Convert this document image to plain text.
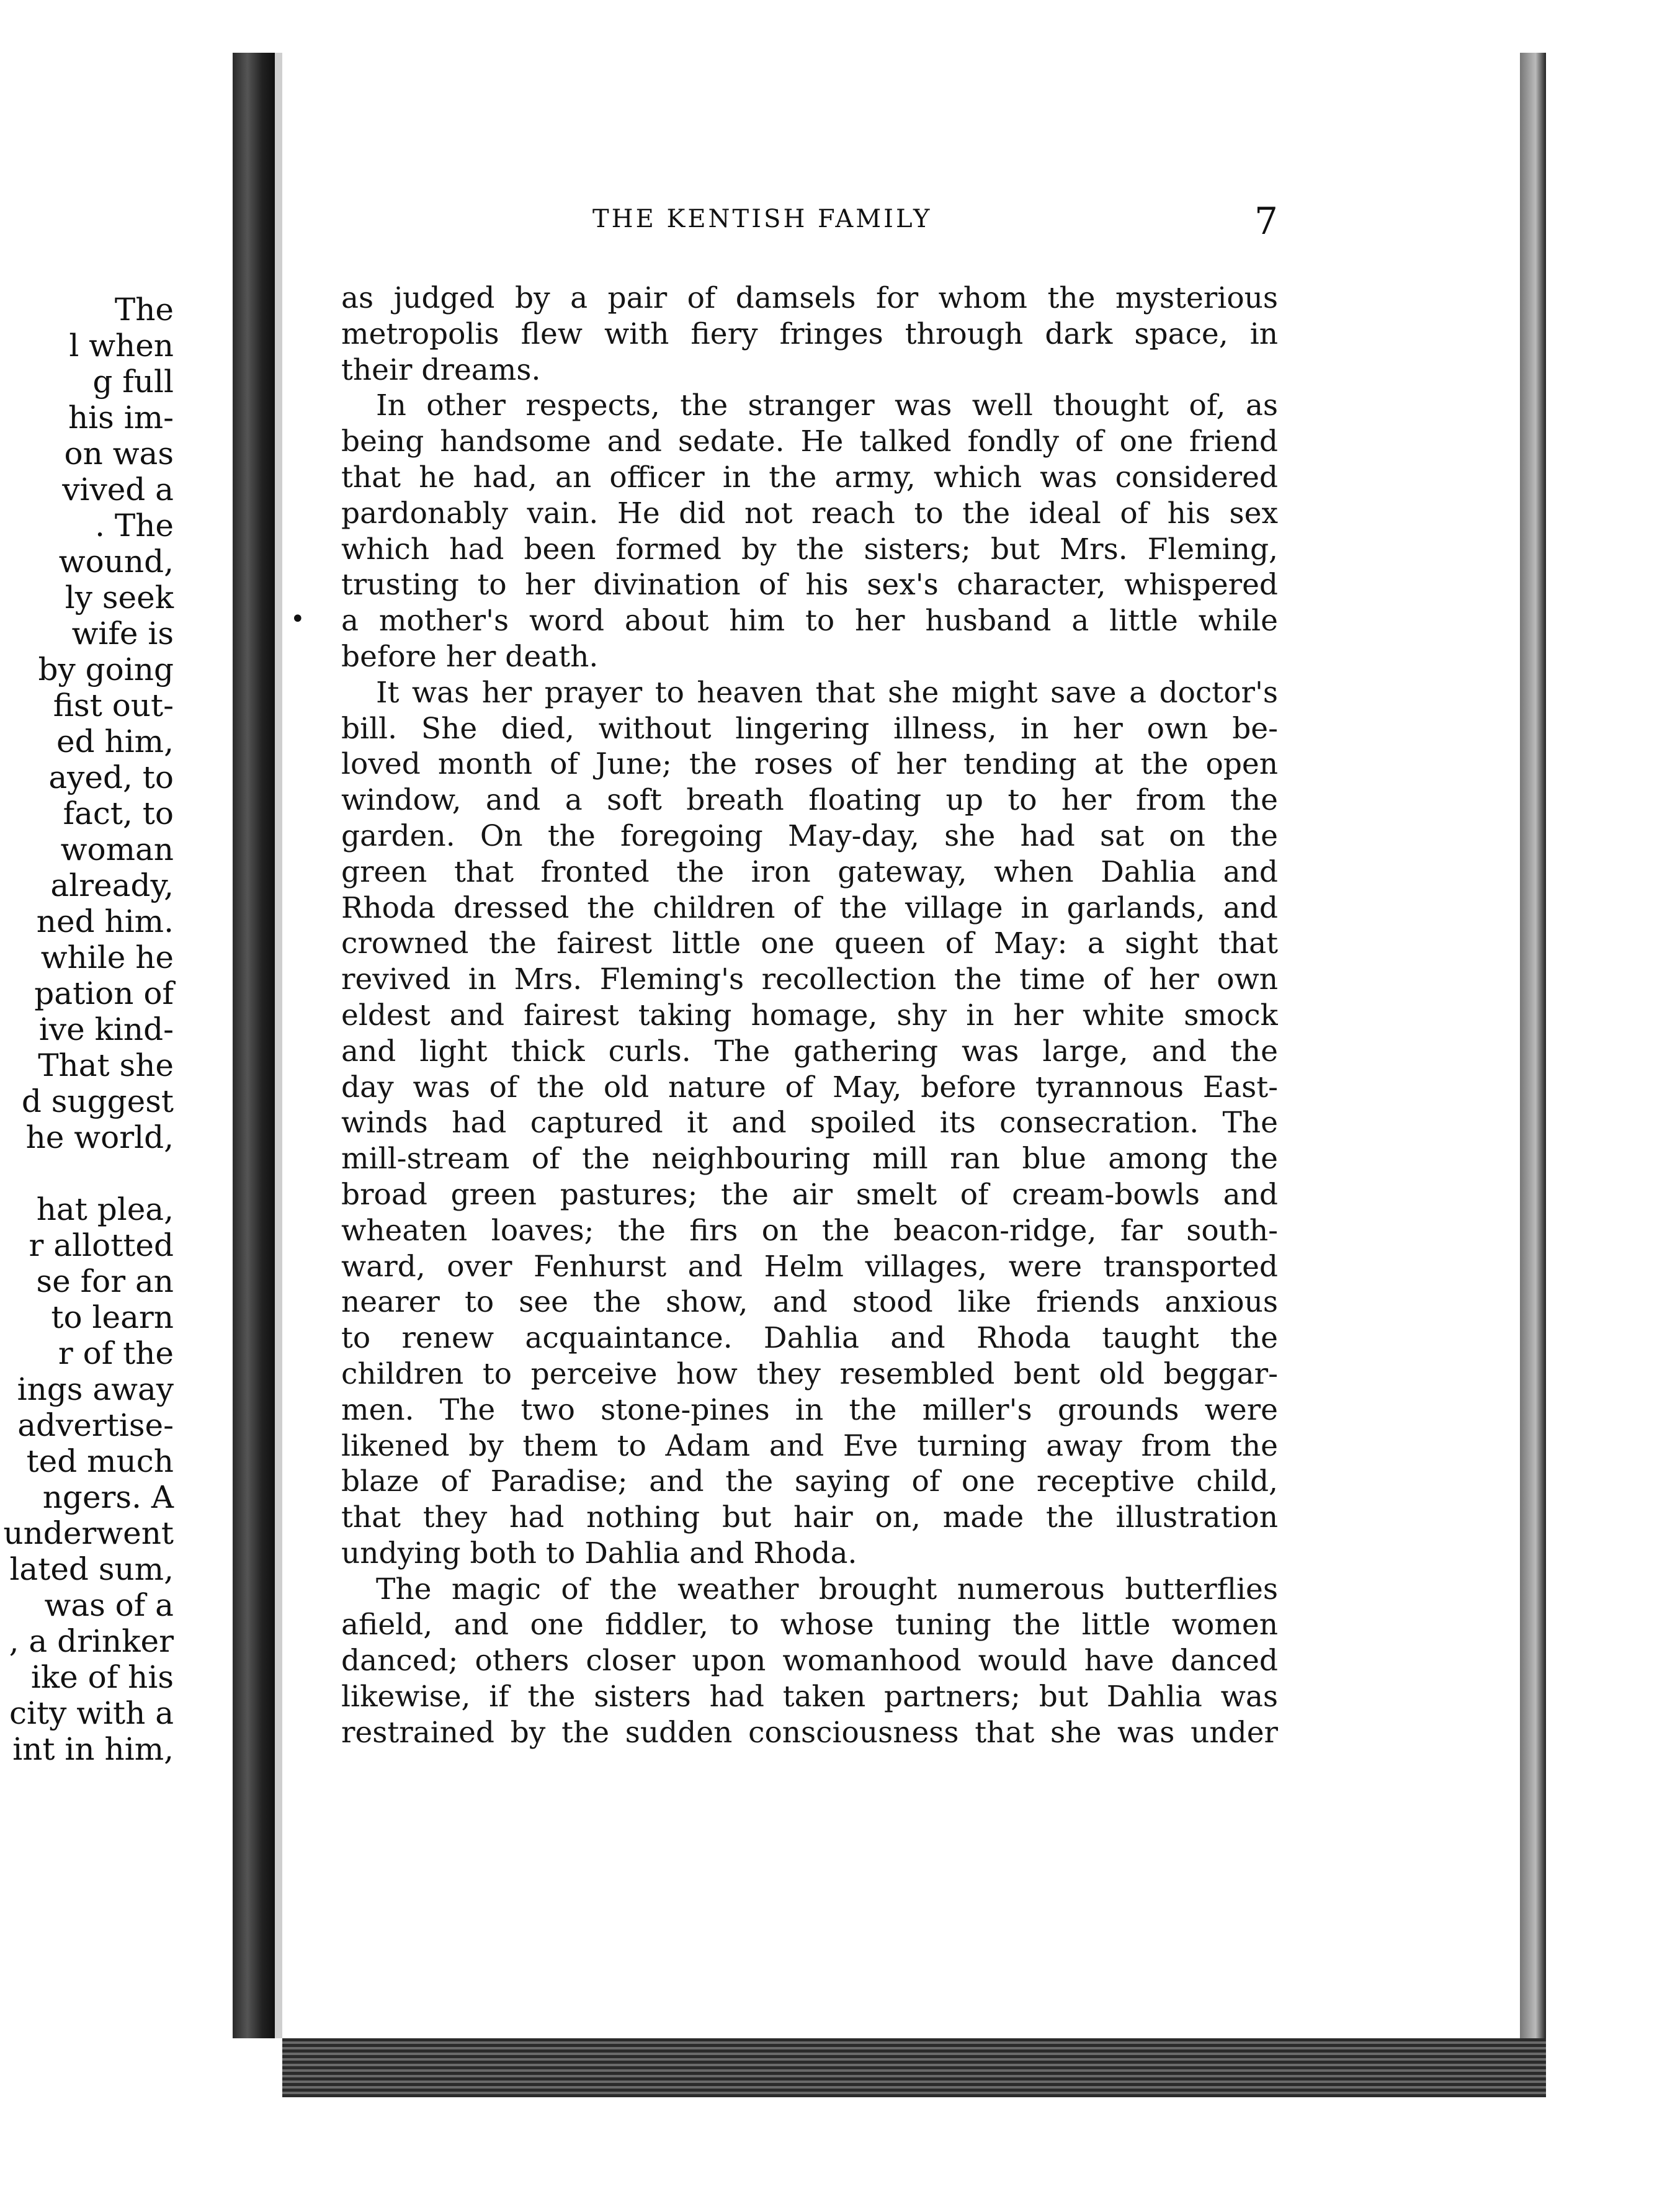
The
l when
g full
his im-
on was
vived a
. The
wound,
ly seek
wife is
by going
fist out-
ed him,
ayed, to
fact, to
woman
already,
ned him.
while he
pation of
ive kind-
That she
d suggest
he world,
hat plea,
r allotted
se for an
to learn
r of the
ings away
advertise-
ted much
ngers. A
underwent
lated sum,
was of a
, a drinker
ike of his
city with a
int in him,
THE KENTISH FAMILY	7
•
as judged by a pair of damsels for whom the mysterious
metropolis flew with fiery fringes through dark space, in
their dreams.
In other respects, the stranger was well thought of, as
being handsome and sedate. He talked fondly of one friend
that he had, an officer in the army, which was considered
pardonably vain. He did not reach to the ideal of his sex
which had been formed by the sisters; but Mrs. Fleming,
trusting to her divination of his sex's character, whispered
a mother's word about him to her husband a little while
before her death.
It was her prayer to heaven that she might save a doctor's
bill. She died, without lingering illness, in her own be-
loved month of June; the roses of her tending at the open
window, and a soft breath floating up to her from the
garden. On the foregoing May-day, she had sat on the
green that fronted the iron gateway, when Dahlia and
Rhoda dressed the children of the village in garlands, and
crowned the fairest little one queen of May: a sight that
revived in Mrs. Fleming's recollection the time of her own
eldest and fairest taking homage, shy in her white smock
and light thick curls. The gathering was large, and the
day was of the old nature of May, before tyrannous East-
winds had captured it and spoiled its consecration. The
mill-stream of the neighbouring mill ran blue among the
broad green pastures; the air smelt of cream-bowls and
wheaten loaves; the firs on the beacon-ridge, far south-
ward, over Fenhurst and Helm villages, were transported
nearer to see the show, and stood like friends anxious
to renew acquaintance. Dahlia and Rhoda taught the
children to perceive how they resembled bent old beggar-
men. The two stone-pines in the miller's grounds were
likened by them to Adam and Eve turning away from the
blaze of Paradise; and the saying of one receptive child,
that they had nothing but hair on, made the illustration
undying both to Dahlia and Rhoda.
The magic of the weather brought numerous butterflies
afield, and one fiddler, to whose tuning the little women
danced; others closer upon womanhood would have danced
likewise, if the sisters had taken partners; but Dahlia was
restrained by the sudden consciousness that she was under
